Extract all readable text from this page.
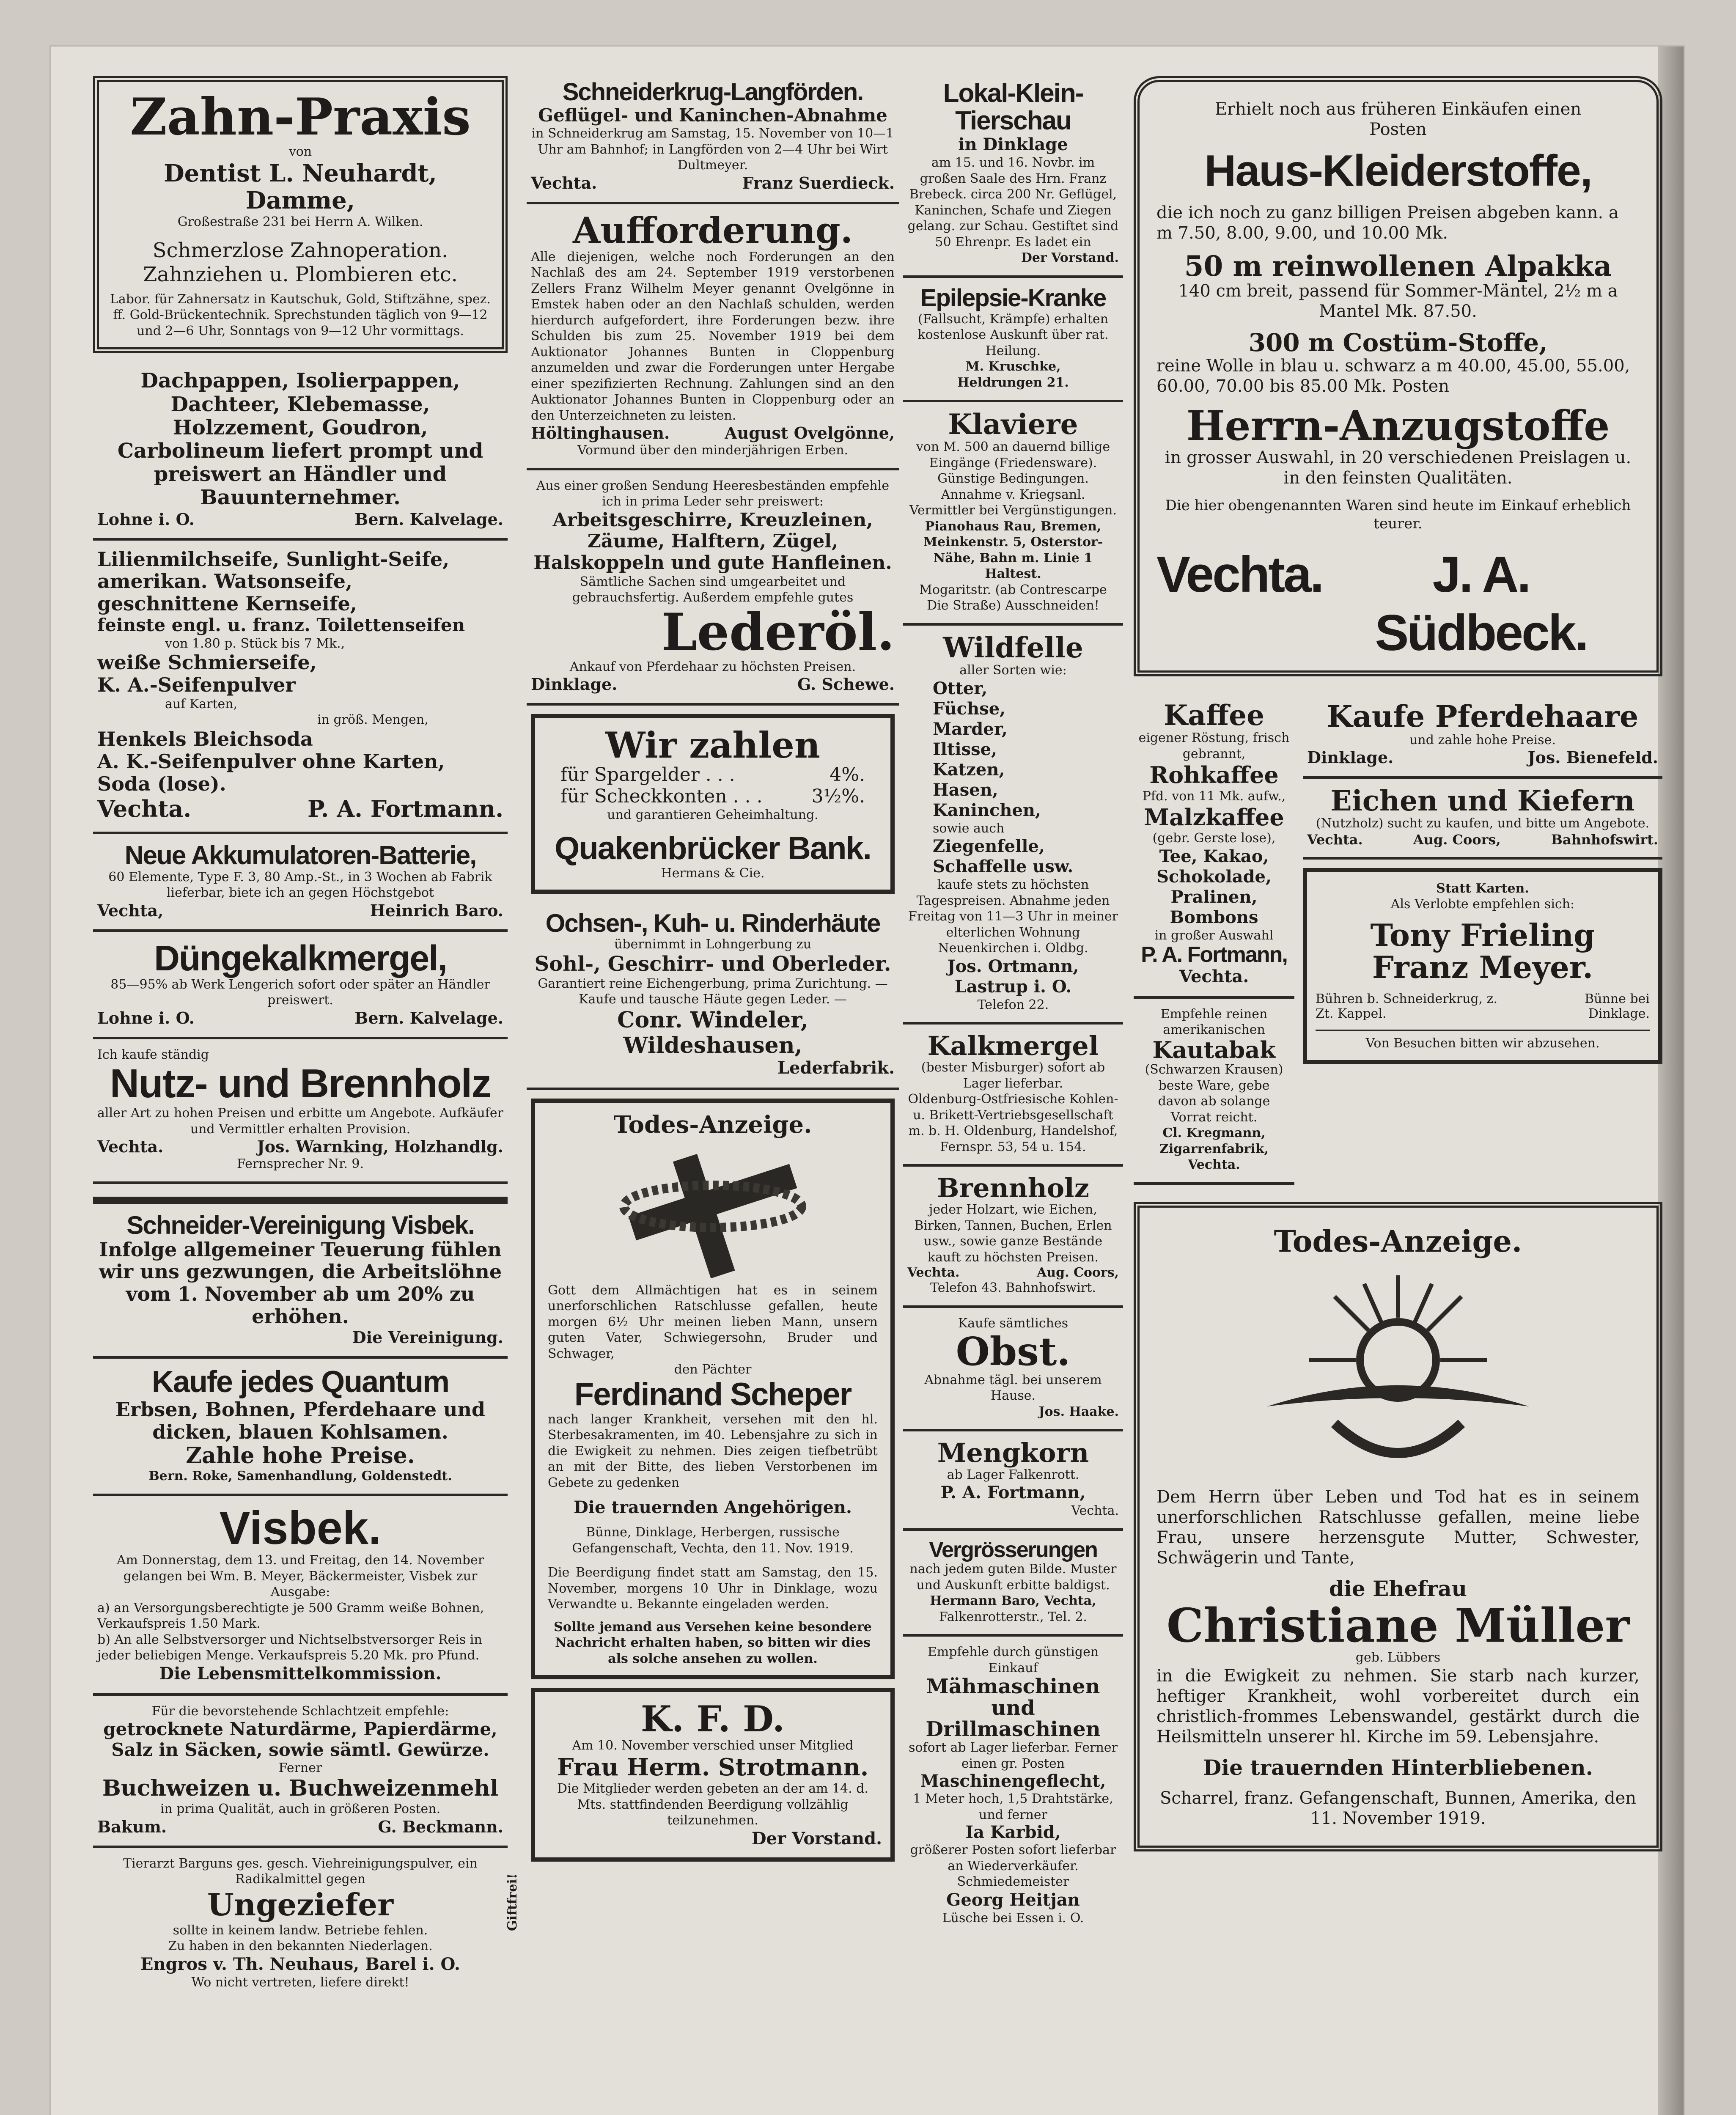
Zahn-Praxis
von
Dentist L. Neuhardt, Damme,
Großestraße 231 bei Herrn A. Wilken.
Schmerzlose Zahnoperation.
Zahnziehen u. Plombieren etc.
Labor. für Zahnersatz in Kautschuk, Gold, Stiftzähne, spez. ff. Gold-Brückentechnik. Sprechstunden täglich von 9—12 und 2—6 Uhr, Sonntags von 9—12 Uhr vormittags.
Dachpappen, Isolierpappen, Dachteer, Klebemasse, Holzzement, Goudron, Carbolineum liefert prompt und preiswert an Händler und Bauunternehmer.
Lohne i. O.	Bern. Kalvelage.
Lilienmilchseife, Sunlight-Seife,
amerikan. Watsonseife,
geschnittene Kernseife,
feinste engl. u. franz. Toilettenseifen
von 1.80 p. Stück bis 7 Mk.,
weiße Schmierseife,
K. A.-Seifenpulver
auf Karten,
in größ. Mengen,
Henkels Bleichsoda
A. K.-Seifenpulver ohne Karten,
Soda (lose).
Vechta.	P. A. Fortmann.
Neue Akkumulatoren-Batterie,
60 Elemente, Type F. 3, 80 Amp.-St., in 3 Wochen ab Fabrik lieferbar, biete ich an gegen Höchstgebot
Vechta,	Heinrich Baro.
Düngekalkmergel,
85—95% ab Werk Lengerich sofort oder später an Händler preiswert.
Lohne i. O.	Bern. Kalvelage.
Ich kaufe ständig
Nutz- und Brennholz
aller Art zu hohen Preisen und erbitte um Angebote. Aufkäufer und Vermittler erhalten Provision.
Vechta.	Jos. Warnking, Holzhandlg.
Fernsprecher Nr. 9.
Schneider-Vereinigung Visbek.
Infolge allgemeiner Teuerung fühlen wir uns gezwungen, die Arbeitslöhne vom 1. November ab um 20% zu erhöhen.
Die Vereinigung.
Kaufe jedes Quantum
Erbsen, Bohnen, Pferdehaare und dicken, blauen Kohlsamen.
Zahle hohe Preise.
Bern. Roke, Samenhandlung, Goldenstedt.
Visbek.
Am Donnerstag, dem 13. und Freitag, den 14. November gelangen bei Wm. B. Meyer, Bäckermeister, Visbek zur Ausgabe:
a) an Versorgungsberechtigte je 500 Gramm weiße Bohnen, Verkaufspreis 1.50 Mark.
b) An alle Selbstversorger und Nichtselbstversorger Reis in jeder beliebigen Menge. Verkaufspreis 5.20 Mk. pro Pfund.
Die Lebensmittelkommission.
Für die bevorstehende Schlachtzeit empfehle:
getrocknete Naturdärme, Papierdärme,
Salz in Säcken, sowie sämtl. Gewürze.
Ferner
Buchweizen u. Buchweizenmehl
in prima Qualität, auch in größeren Posten.
Bakum.	G. Beckmann.
Tierarzt Barguns ges. gesch. Viehreinigungspulver, ein Radikalmittel gegen
Ungeziefer
sollte in keinem landw. Betriebe fehlen.
Zu haben in den bekannten Niederlagen.
Engros v. Th. Neuhaus, Barel i. O.
Wo nicht vertreten, liefere direkt!
Giftfrei!
Schneiderkrug-Langförden.
Geflügel- und Kaninchen-Abnahme
in Schneiderkrug am Samstag, 15. November von 10—1 Uhr am Bahnhof; in Langförden von 2—4 Uhr bei Wirt Dultmeyer.
Vechta.	Franz Suerdieck.
Aufforderung.
Alle diejenigen, welche noch Forderungen an den Nachlaß des am 24. September 1919 verstorbenen Zellers Franz Wilhelm Meyer genannt Ovelgönne in Emstek haben oder an den Nachlaß schulden, werden hierdurch aufgefordert, ihre Forderungen bezw. ihre Schulden bis zum 25. November 1919 bei dem Auktionator Johannes Bunten in Cloppenburg anzumelden und zwar die Forderungen unter Hergabe einer spezifizierten Rechnung. Zahlungen sind an den Auktionator Johannes Bunten in Cloppenburg oder an den Unterzeichneten zu leisten.
Höltinghausen.	August Ovelgönne,
Vormund über den minderjährigen Erben.
Aus einer großen Sendung Heeresbeständen empfehle ich in prima Leder sehr preiswert:
Arbeitsgeschirre, Kreuzleinen, Zäume, Halftern, Zügel, Halskoppeln und gute Hanfleinen.
Sämtliche Sachen sind umgearbeitet und gebrauchsfertig. Außerdem empfehle gutes
Lederöl.
Ankauf von Pferdehaar zu höchsten Preisen.
Dinklage.	G. Schewe.
Wir zahlen
für Spargelder . . .	4%.
für Scheckkonten . . .	3½%.
und garantieren Geheimhaltung.
Quakenbrücker Bank.
Hermans & Cie.
Ochsen-, Kuh- u. Rinderhäute
übernimmt in Lohngerbung zu
Sohl-, Geschirr- und Oberleder.
Garantiert reine Eichengerbung, prima Zurichtung. — Kaufe und tausche Häute gegen Leder. —
Conr. Windeler, Wildeshausen,
Lederfabrik.
Todes-Anzeige.
Gott dem Allmächtigen hat es in seinem unerforschlichen Ratschlusse gefallen, heute morgen 6½ Uhr meinen lieben Mann, unsern guten Vater, Schwiegersohn, Bruder und Schwager,
den Pächter
Ferdinand Scheper
nach langer Krankheit, versehen mit den hl. Sterbesakramenten, im 40. Lebensjahre zu sich in die Ewigkeit zu nehmen. Dies zeigen tiefbetrübt an mit der Bitte, des lieben Verstorbenen im Gebete zu gedenken
Die trauernden Angehörigen.
Bünne, Dinklage, Herbergen, russische Gefangenschaft, Vechta, den 11. Nov. 1919.
Die Beerdigung findet statt am Samstag, den 15. November, morgens 10 Uhr in Dinklage, wozu Verwandte u. Bekannte eingeladen werden.
Sollte jemand aus Versehen keine besondere Nachricht erhalten haben, so bitten wir dies als solche ansehen zu wollen.
K. F. D.
Am 10. November verschied unser Mitglied
Frau Herm. Strotmann.
Die Mitglieder werden gebeten an der am 14. d. Mts. stattfindenden Beerdigung vollzählig teilzunehmen.
Der Vorstand.
Lokal-Klein-Tierschau
in Dinklage
am 15. und 16. Novbr. im großen Saale des Hrn. Franz Brebeck. circa 200 Nr. Geflügel, Kaninchen, Schafe und Ziegen gelang. zur Schau. Gestiftet sind 50 Ehrenpr. Es ladet ein
Der Vorstand.
Epilepsie-Kranke
(Fallsucht, Krämpfe) erhalten kostenlose Auskunft über rat. Heilung.
M. Kruschke,
Heldrungen 21.
Klaviere
von M. 500 an dauernd billige Eingänge (Friedensware). Günstige Bedingungen. Annahme v. Kriegsanl. Vermittler bei Vergünstigungen.
Pianohaus Rau, Bremen, Meinkenstr. 5, Osterstor-Nähe, Bahn m. Linie 1 Haltest.
Mogaritstr. (ab Contrescarpe Die Straße) Ausschneiden!
Wildfelle
aller Sorten wie:
Otter,
Füchse,
Marder,
Iltisse,
Katzen,
Hasen,
Kaninchen,
sowie auch
Ziegenfelle,
Schaffelle usw.
kaufe stets zu höchsten Tagespreisen. Abnahme jeden Freitag von 11—3 Uhr in meiner elterlichen Wohnung Neuenkirchen i. Oldbg.
Jos. Ortmann,
Lastrup i. O.
Telefon 22.
Kalkmergel
(bester Misburger) sofort ab Lager lieferbar.
Oldenburg-Ostfriesische Kohlen- u. Brikett-Vertriebsgesellschaft m. b. H. Oldenburg, Handelshof, Fernspr. 53, 54 u. 154.
Brennholz
jeder Holzart, wie Eichen, Birken, Tannen, Buchen, Erlen usw., sowie ganze Bestände kauft zu höchsten Preisen.
Vechta.	Aug. Coors,
Telefon 43. Bahnhofswirt.
Kaufe sämtliches
Obst.
Abnahme tägl. bei unserem Hause.
Jos. Haake.
Mengkorn
ab Lager Falkenrott.
P. A. Fortmann,
Vechta.
Vergrösserungen
nach jedem guten Bilde. Muster und Auskunft erbitte baldigst.
Hermann Baro, Vechta,
Falkenrotterstr., Tel. 2.
Empfehle durch günstigen Einkauf
Mähmaschinen und Drillmaschinen
sofort ab Lager lieferbar. Ferner einen gr. Posten
Maschinengeflecht,
1 Meter hoch, 1,5 Drahtstärke, und ferner
Ia Karbid,
größerer Posten sofort lieferbar an Wiederverkäufer.
Schmiedemeister
Georg Heitjan
Lüsche bei Essen i. O.
Erhielt noch aus früheren Einkäufen einen Posten
Haus-Kleiderstoffe,
die ich noch zu ganz billigen Preisen abgeben kann. a m 7.50, 8.00, 9.00, und 10.00 Mk.
50 m reinwollenen Alpakka
140 cm breit, passend für Sommer-Mäntel, 2½ m a Mantel Mk. 87.50.
300 m Costüm-Stoffe,
reine Wolle in blau u. schwarz a m 40.00, 45.00, 55.00, 60.00, 70.00 bis 85.00 Mk. Posten
Herrn-Anzugstoffe
in grosser Auswahl, in 20 verschiedenen Preislagen u. in den feinsten Qualitäten.
Die hier obengenannten Waren sind heute im Einkauf erheblich teurer.
Vechta.	J. A. Südbeck.
Kaffee
eigener Röstung, frisch gebrannt,
Rohkaffee
Pfd. von 11 Mk. aufw.,
Malzkaffee
(gebr. Gerste lose),
Tee, Kakao,
Schokolade,
Pralinen,
Bombons
in großer Auswahl
P. A. Fortmann,
Vechta.
Empfehle reinen amerikanischen
Kautabak
(Schwarzen Krausen) beste Ware, gebe davon ab solange Vorrat reicht.
Cl. Kregmann,
Zigarrenfabrik, Vechta.
Kaufe Pferdehaare
und zahle hohe Preise.
Dinklage.	Jos. Bienefeld.
Eichen und Kiefern
(Nutzholz) sucht zu kaufen, und bitte um Angebote.
Vechta.	Aug. Coors,	Bahnhofswirt.
Statt Karten.
Als Verlobte empfehlen sich:
Tony Frieling
Franz Meyer.
Bühren b. Schneiderkrug, z. Zt. Kappel.
Bünne bei Dinklage.
Von Besuchen bitten wir abzusehen.
Todes-Anzeige.
Dem Herrn über Leben und Tod hat es in seinem unerforschlichen Ratschlusse gefallen, meine liebe Frau, unsere herzensgute Mutter, Schwester, Schwägerin und Tante,
die Ehefrau
Christiane Müller
geb. Lübbers
in die Ewigkeit zu nehmen. Sie starb nach kurzer, heftiger Krankheit, wohl vorbereitet durch ein christlich-frommes Lebenswandel, gestärkt durch die Heilsmitteln unserer hl. Kirche im 59. Lebensjahre.
Die trauernden Hinterbliebenen.
Scharrel, franz. Gefangenschaft, Bunnen, Amerika, den 11. November 1919.
